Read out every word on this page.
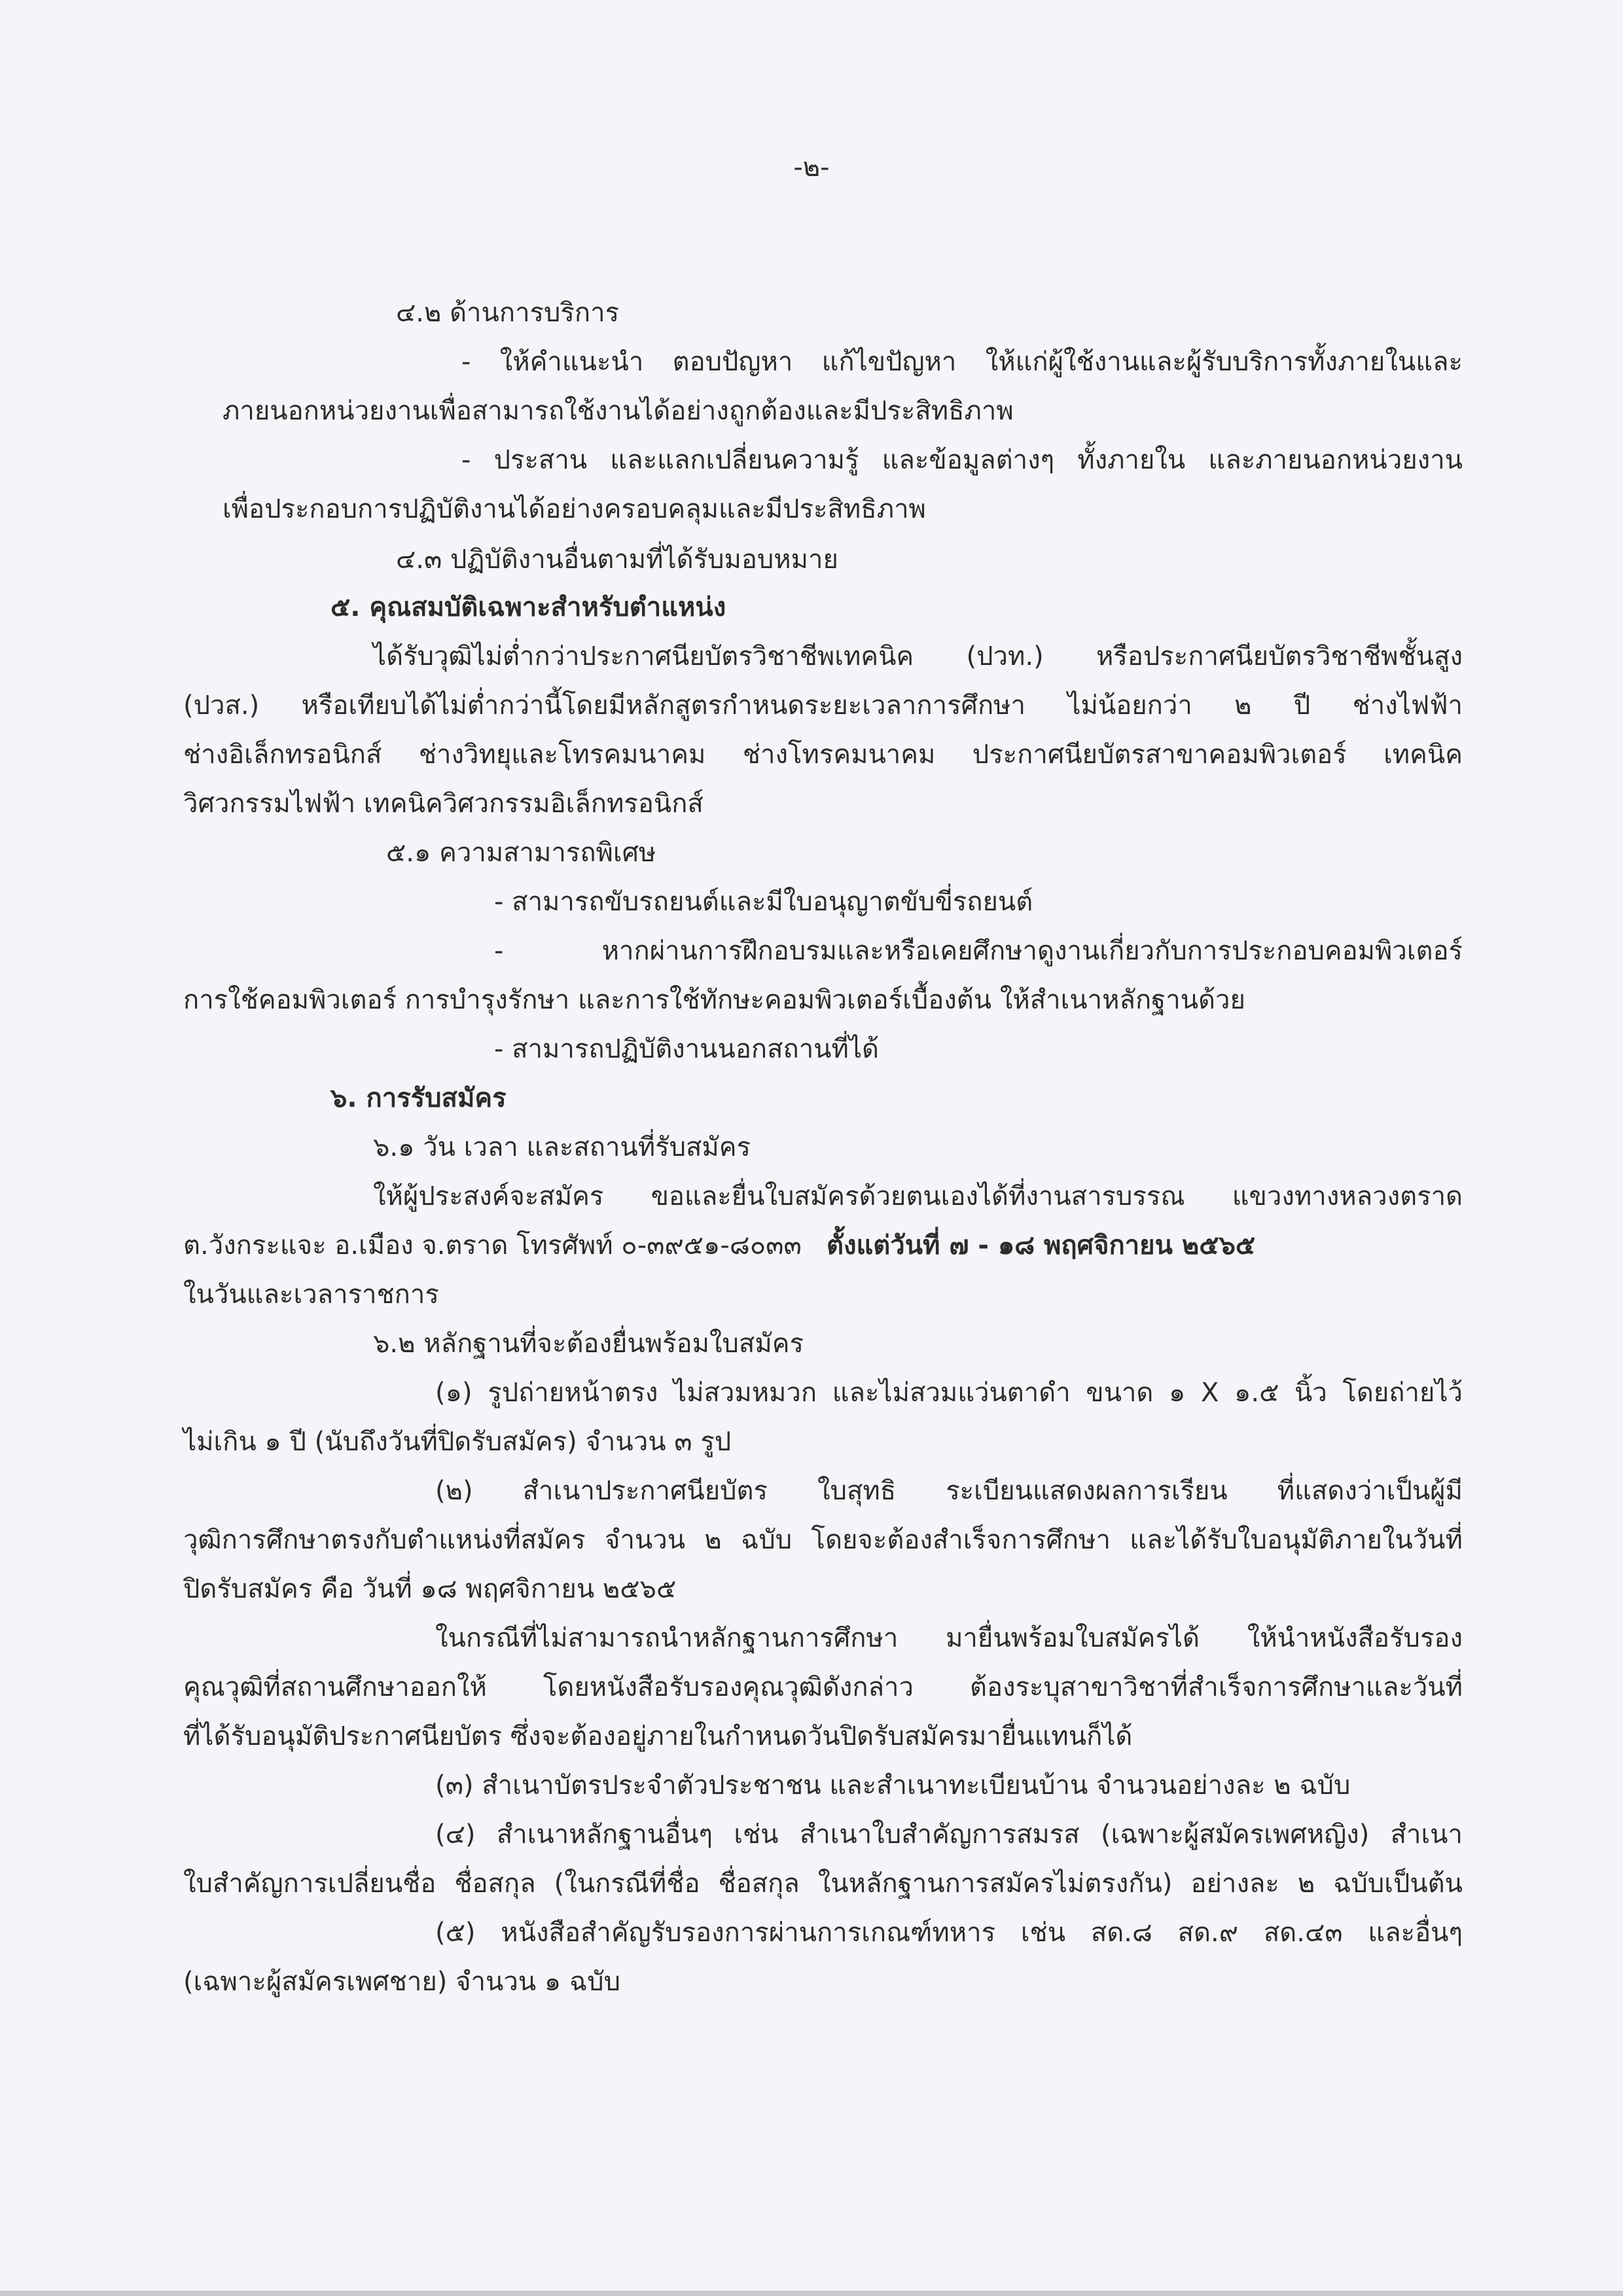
-๒-
๔.๒ ด้านการบริการ
- ให้คำแนะนำ ตอบปัญหา แก้ไขปัญหา ให้แก่ผู้ใช้งานและผู้รับบริการทั้งภายในและ
ภายนอกหน่วยงานเพื่อสามารถใช้งานได้อย่างถูกต้องและมีประสิทธิภาพ
- ประสาน และแลกเปลี่ยนความรู้ และข้อมูลต่างๆ ทั้งภายใน และภายนอกหน่วยงาน
เพื่อประกอบการปฏิบัติงานได้อย่างครอบคลุมและมีประสิทธิภาพ
๔.๓ ปฏิบัติงานอื่นตามที่ได้รับมอบหมาย
๕. คุณสมบัติเฉพาะสำหรับตำแหน่ง
ได้รับวุฒิไม่ต่ำกว่าประกาศนียบัตรวิชาชีพเทคนิค (ปวท.) หรือประกาศนียบัตรวิชาชีพชั้นสูง
(ปวส.) หรือเทียบได้ไม่ต่ำกว่านี้โดยมีหลักสูตรกำหนดระยะเวลาการศึกษา ไม่น้อยกว่า ๒ ปี ช่างไฟฟ้า
ช่างอิเล็กทรอนิกส์ ช่างวิทยุและโทรคมนาคม ช่างโทรคมนาคม ประกาศนียบัตรสาขาคอมพิวเตอร์ เทคนิค
วิศวกรรมไฟฟ้า เทคนิควิศวกรรมอิเล็กทรอนิกส์
๕.๑ ความสามารถพิเศษ
- สามารถขับรถยนต์และมีใบอนุญาตขับขี่รถยนต์
- หากผ่านการฝึกอบรมและหรือเคยศึกษาดูงานเกี่ยวกับการประกอบคอมพิวเตอร์
การใช้คอมพิวเตอร์ การบำรุงรักษา และการใช้ทักษะคอมพิวเตอร์เบื้องต้น ให้สำเนาหลักฐานด้วย
- สามารถปฏิบัติงานนอกสถานที่ได้
๖. การรับสมัคร
๖.๑ วัน เวลา และสถานที่รับสมัคร
ให้ผู้ประสงค์จะสมัคร ขอและยื่นใบสมัครด้วยตนเองได้ที่งานสารบรรณ แขวงทางหลวงตราด
ต.วังกระแจะ อ.เมือง จ.ตราด โทรศัพท์ ๐-๓๙๕๑-๘๐๓๓ ตั้งแต่วันที่ ๗ - ๑๘ พฤศจิกายน ๒๕๖๕
ในวันและเวลาราชการ
๖.๒ หลักฐานที่จะต้องยื่นพร้อมใบสมัคร
(๑) รูปถ่ายหน้าตรง ไม่สวมหมวก และไม่สวมแว่นตาดำ ขนาด ๑ X ๑.๕ นิ้ว โดยถ่ายไว้
ไม่เกิน ๑ ปี (นับถึงวันที่ปิดรับสมัคร) จำนวน ๓ รูป
(๒) สำเนาประกาศนียบัตร ใบสุทธิ ระเบียนแสดงผลการเรียน ที่แสดงว่าเป็นผู้มี
วุฒิการศึกษาตรงกับตำแหน่งที่สมัคร จำนวน ๒ ฉบับ โดยจะต้องสำเร็จการศึกษา และได้รับใบอนุมัติภายในวันที่
ปิดรับสมัคร คือ วันที่ ๑๘ พฤศจิกายน ๒๕๖๕
ในกรณีที่ไม่สามารถนำหลักฐานการศึกษา มายื่นพร้อมใบสมัครได้ ให้นำหนังสือรับรอง
คุณวุฒิที่สถานศึกษาออกให้ โดยหนังสือรับรองคุณวุฒิดังกล่าว ต้องระบุสาขาวิชาที่สำเร็จการศึกษาและวันที่
ที่ได้รับอนุมัติประกาศนียบัตร ซึ่งจะต้องอยู่ภายในกำหนดวันปิดรับสมัครมายื่นแทนก็ได้
(๓) สำเนาบัตรประจำตัวประชาชน และสำเนาทะเบียนบ้าน จำนวนอย่างละ ๒ ฉบับ
(๔) สำเนาหลักฐานอื่นๆ เช่น สำเนาใบสำคัญการสมรส (เฉพาะผู้สมัครเพศหญิง) สำเนา
ใบสำคัญการเปลี่ยนชื่อ ชื่อสกุล (ในกรณีที่ชื่อ ชื่อสกุล ในหลักฐานการสมัครไม่ตรงกัน) อย่างละ ๒ ฉบับเป็นต้น
(๕) หนังสือสำคัญรับรองการผ่านการเกณฑ์ทหาร เช่น สด.๘ สด.๙ สด.๔๓ และอื่นๆ
(เฉพาะผู้สมัครเพศชาย) จำนวน ๑ ฉบับ
